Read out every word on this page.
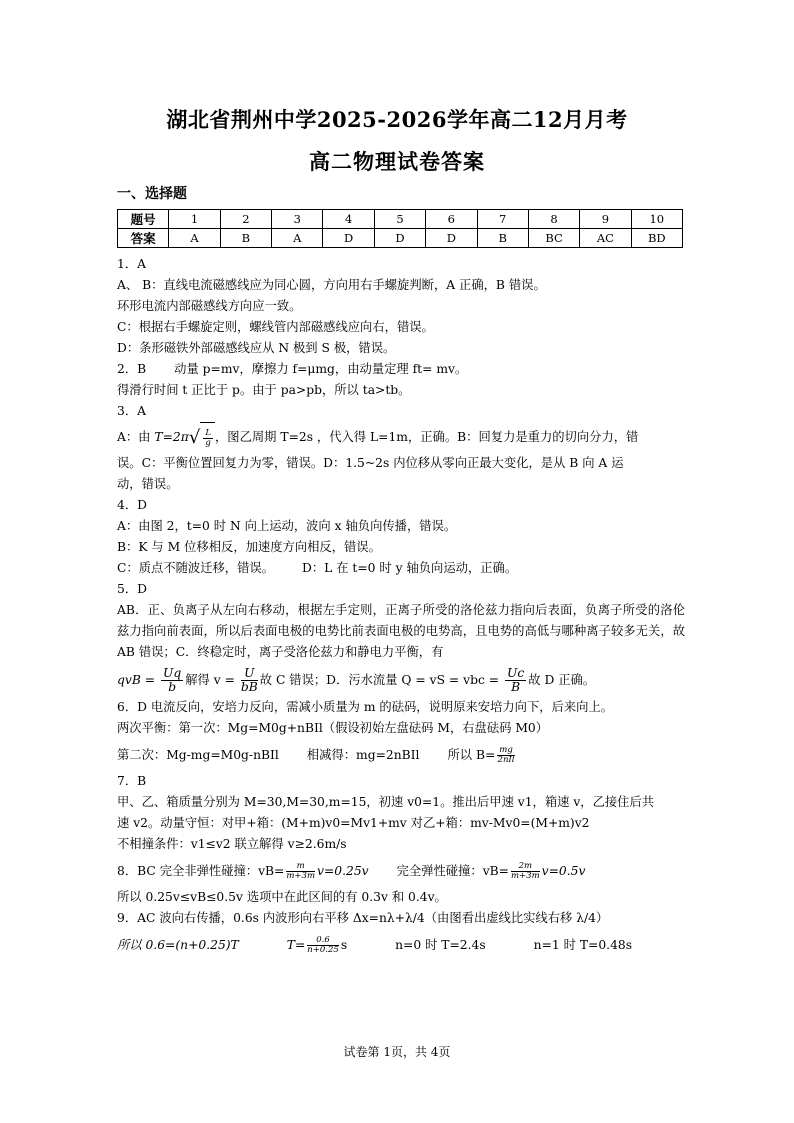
湖北省荆州中学2025-2026学年高二12月月考
高二物理试卷答案
一、选择题
题号	1	2	3	4	5	6	7	8	9	10
答案	A	B	A	D	D	D	B	BC	AC	BD
1．A
A、 B：直线电流磁感线应为同心圆，方向用右手螺旋判断，A 正确，B 错误。
环形电流内部磁感线方向应一致。
C：根据右手螺旋定则，螺线管内部磁感线应向右，错误。
D：条形磁铁外部磁感线应从 N 极到 S 极，错误。
2．B 动量 p=mv，摩擦力 f=μmg，由动量定理 ft= mv。
得滑行时间 t 正比于 p。由于 pa>pb，所以 ta>tb。
3．A
A：由 $T=2\pi√ \frac{L}{g}$ ，图乙周期 T=2s ，代入得 L=1m，正确。B：回复力是重力的切向分力，错
误。C：平衡位置回复力为零，错误。D：1.5~2s 内位移从零向正最大变化，是从 B 向 A 运
动，错误。
4．D
A：由图 2，t=0 时 N 向上运动，波向 x 轴负向传播，错误。
B：K 与 M 位移相反，加速度方向相反，错误。
C：质点不随波迁移，错误。 D：L 在 t=0 时 y 轴负向运动，正确。
5．D
AB．正、负离子从左向右移动，根据左手定则，正离子所受的洛伦兹力指向后表面，负离子所受的洛伦兹力指向前表面，所以后表面电极的电势比前表面电极的电势高，且电势的高低与哪种离子较多无关，故 AB 错误；C．终稳定时，离子受洛伦兹力和静电力平衡，有
qvB = $\frac{Uq}{b}$ 解得 $v = \frac{U}{bB}$ 故 C 错误；D．污水流量 Q = vS = vbc = $\frac{Uc}{B}$ 故 D 正确。
6．D 电流反向，安培力反向，需减小质量为 m 的砝码，说明原来安培力向下，后来向上。
两次平衡：第一次：Mg=M0g+nBIl（假设初始左盘砝码 M，右盘砝码 M0）
第二次：Mg-mg=M0g-nBIl 相减得：mg=2nBIl 所以 $B= \frac{mg}{\text{2nIl}}$
7．B
甲、乙、箱质量分别为 M=30,M=30,m=15，初速 v0=1。推出后甲速 v1，箱速 v，乙接住后共
速 v2。动量守恒：对甲+箱：(M+m)v0=Mv1+mv 对乙+箱：mv-Mv0=(M+m)v2
不相撞条件：v1≤v2 联立解得 v≥2.6m/s
8．BC 完全非弹性碰撞：$vB= \frac{m}{m+3m} v=0.25v$ 完全弹性碰撞：$vB= \frac{2m}{m+3m} v=0.5v$
所以 0.25v≤vB≤0.5v 选项中在此区间的有 0.3v 和 0.4v。
9．AC 波向右传播，0.6s 内波形向右平移 Δx=nλ+λ/4（由图看出虚线比实线右移 λ/4）
所以 0.6=(n+0.25)T	$T= \frac{0.6}{n+0.25}$ s	n=0 时 T=2.4s	n=1 时 T=0.48s
试卷第 1页，共 4页
